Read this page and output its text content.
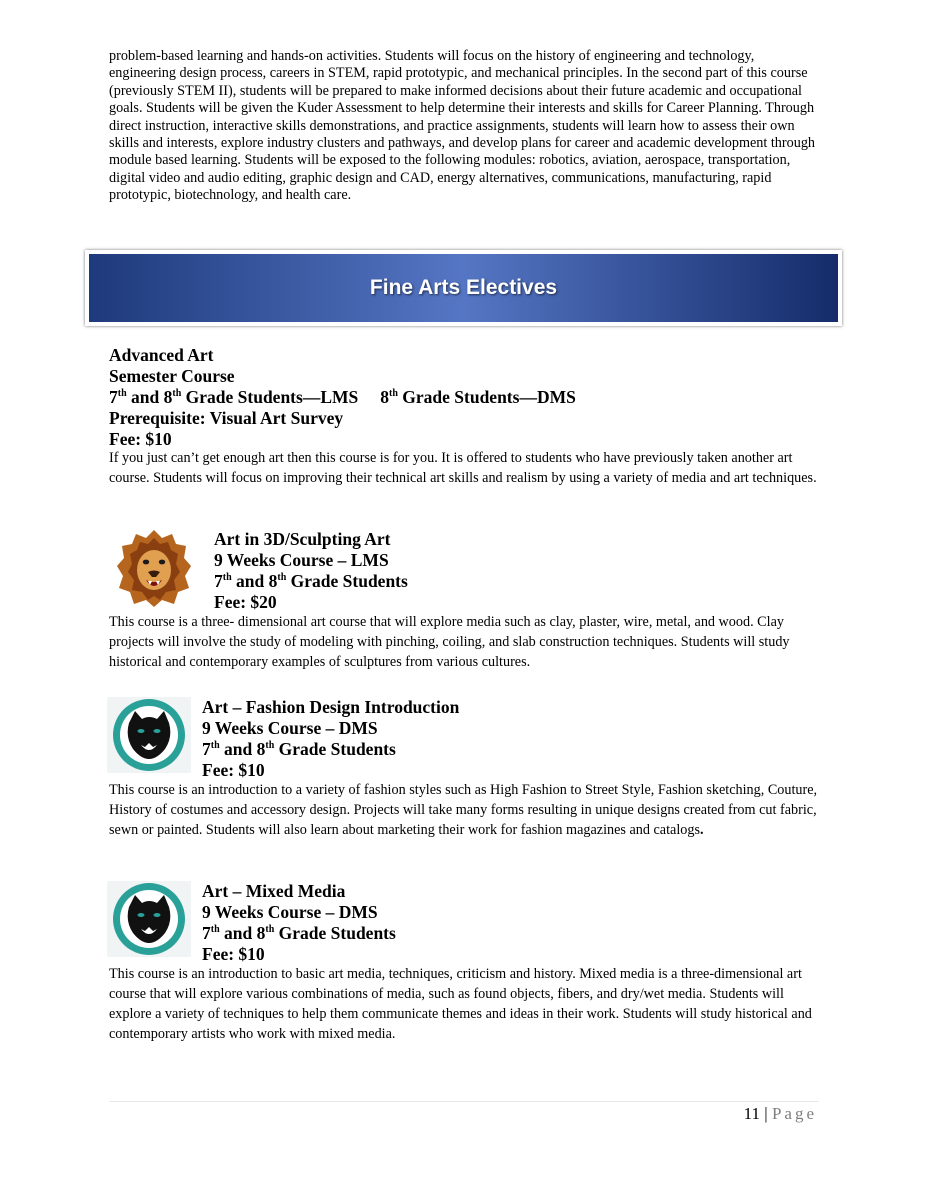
problem-based learning and hands-on activities. Students will focus on the history of engineering and technology, engineering design process, careers in STEM, rapid prototypic, and mechanical principles. In the second part of this course (previously STEM II), students will be prepared to make informed decisions about their future academic and occupational goals. Students will be given the Kuder Assessment to help determine their interests and skills for Career Planning. Through direct instruction, interactive skills demonstrations, and practice assignments, students will learn how to assess their own skills and interests, explore industry clusters and pathways, and develop plans for career and academic development through module based learning. Students will be exposed to the following modules: robotics, aviation, aerospace, transportation, digital video and audio editing, graphic design and CAD, energy alternatives, communications, manufacturing, rapid prototypic, biotechnology, and health care.

Fine Arts Electives

Advanced Art

Semester Course

7th and 8th Grade Students—LMS 8th Grade Students—DMS

Prerequisite: Visual Art Survey

Fee: $10

If you just can’t get enough art then this course is for you. It is offered to students who have previously taken another art course. Students will focus on improving their technical art skills and realism by using a variety of media and art techniques.

Art in 3D/Sculpting Art

9 Weeks Course – LMS

7th and 8th Grade Students

Fee: $20

This course is a three- dimensional art course that will explore media such as clay, plaster, wire, metal, and wood. Clay projects will involve the study of modeling with pinching, coiling, and slab construction techniques. Students will study historical and contemporary examples of sculptures from various cultures.

Art – Fashion Design Introduction

9 Weeks Course – DMS

7th and 8th Grade Students

Fee: $10

This course is an introduction to a variety of fashion styles such as High Fashion to Street Style, Fashion sketching, Couture, History of costumes and accessory design. Projects will take many forms resulting in unique designs created from cut fabric, sewn or painted. Students will also learn about marketing their work for fashion magazines and catalogs.

Art – Mixed Media

9 Weeks Course – DMS

7th and 8th Grade Students

Fee: $10

This course is an introduction to basic art media, techniques, criticism and history. Mixed media is a three-dimensional art course that will explore various combinations of media, such as found objects, fibers, and dry/wet media. Students will explore a variety of techniques to help them communicate themes and ideas in their work. Students will study historical and contemporary artists who work with mixed media.

11 | Page
